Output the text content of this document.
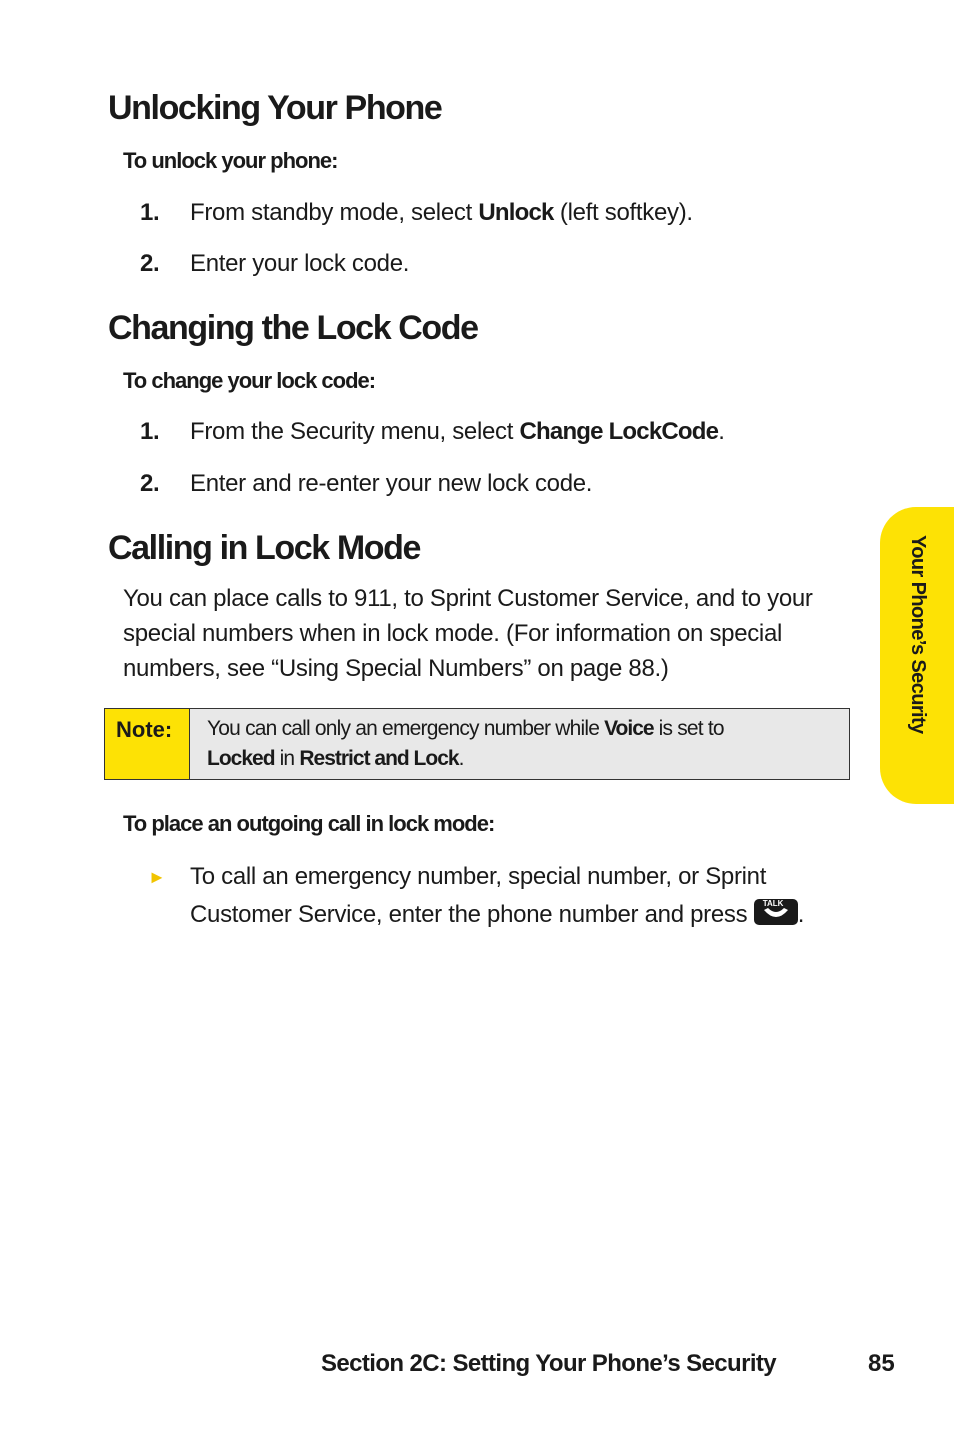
Unlocking Your Phone
To unlock your phone:
1. From standby mode, select Unlock (left softkey).
2. Enter your lock code.
Changing the Lock Code
To change your lock code:
1. From the Security menu, select Change LockCode.
2. Enter and re-enter your new lock code.
Calling in Lock Mode

You can place calls to 911, to Sprint Customer Service, and to your special numbers when in lock mode. (For information on special numbers, see “Using Special Numbers” on page 88.)

Note:	You can call only an emergency number while Voice is set to
Locked in Restrict and Lock.
To place an outgoing call in lock mode:
► To call an emergency number, special number, or Sprint Customer Service, enter the phone number and press TALK .
Your Phone’s Security
Section 2C: Setting Your Phone’s Security	85
